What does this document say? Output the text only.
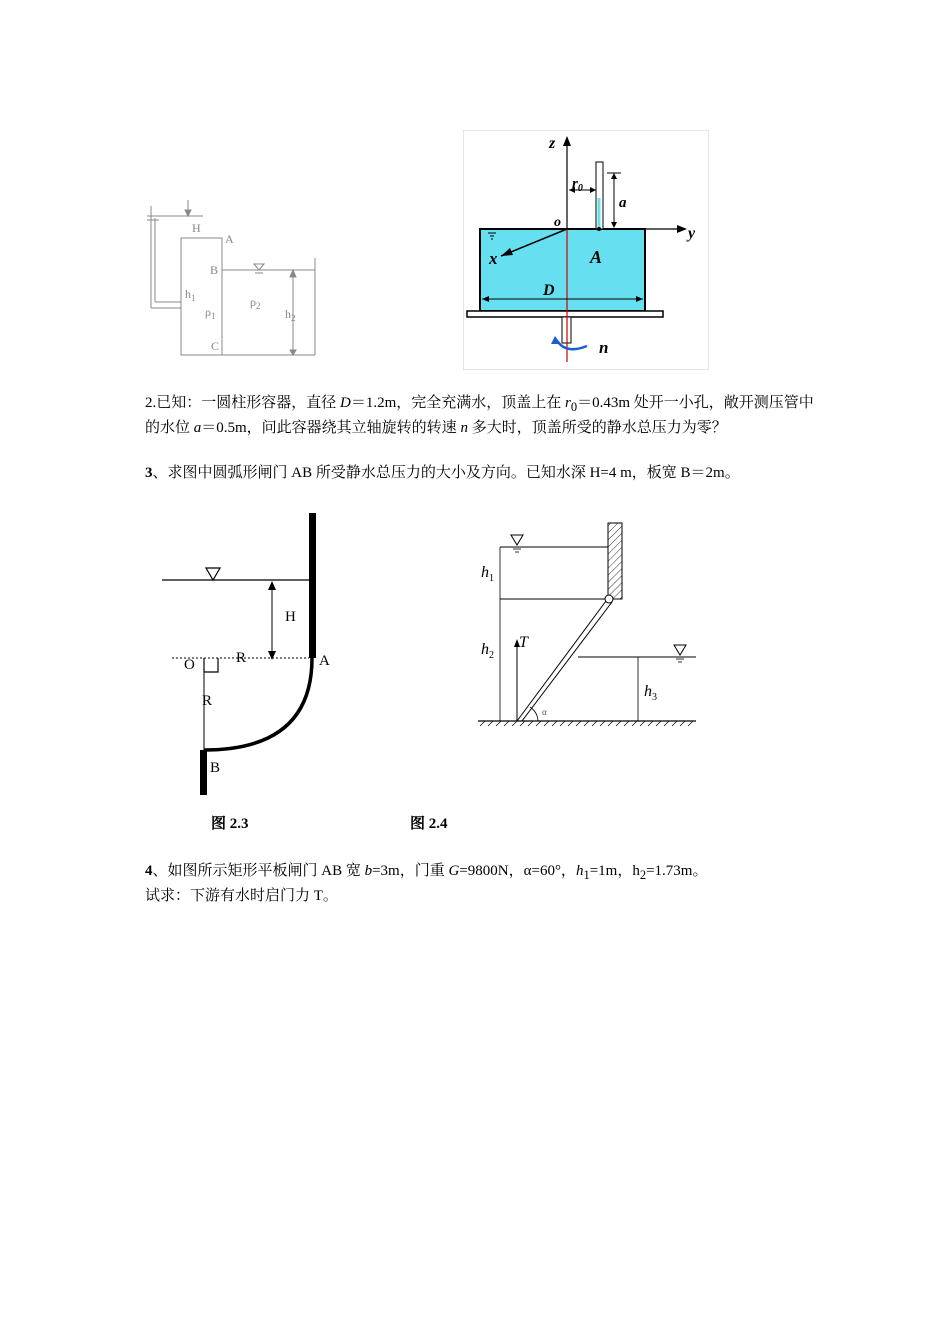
H
A
B
C
$h_1$
$h_2$
$\rho_1$
$\rho_2$
z
y
x
o
A
D
a
$r_0$
n

2.已知：一圆柱形容器，直径 D＝1.2m，完全充满水，顶盖上在 $r_0=0.43m$ 处开一小孔，敞开测压管中的水位 a＝0.5m，问此容器绕其立轴旋转的转速 n 多大时，顶盖所受的静水总压力为零？

3、求图中圆弧形闸门 AB 所受静水总压力的大小及方向。已知水深 H=4 m，板宽 B＝2m。

H
O	R
R
A
B
图 2.3
$h_1$
$h_2$
$h_3$
T
α
图 2.4

4、如图所示矩形平板闸门 AB 宽 b=3m，门重 G=9800N，α=60°，$h_1=1m$，$h_2=1.73m$。

试求：下游有水时启门力 T。
